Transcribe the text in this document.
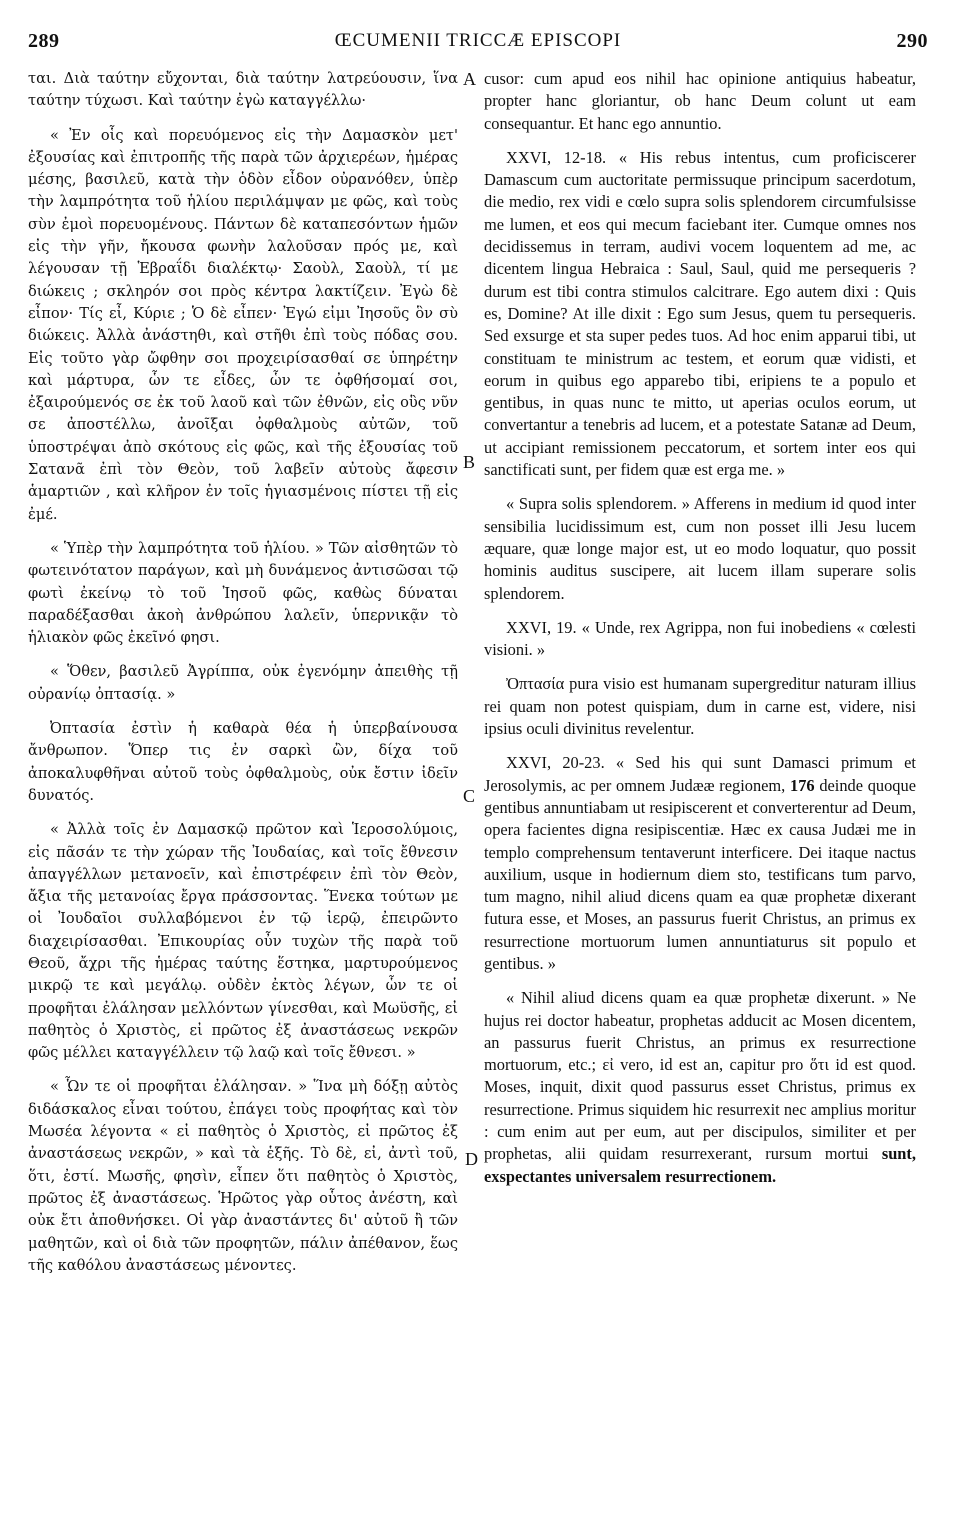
289	ŒCUMENII TRICCÆ EPISCOPI	290

ται. Διὰ ταύτην εὔχονται, διὰ ταύτην λατρεύουσιν, ἵνα ταύτην τύχωσι. Καὶ ταύτην ἐγὼ καταγγέλλω·

« Ἐν οἷς καὶ πορευόμενος εἰς τὴν Δαμασκὸν μετ' ἐξουσίας καὶ ἐπιτροπῆς τῆς παρὰ τῶν ἀρχιερέων, ἡμέρας μέσης, βασιλεῦ, κατὰ τὴν ὁδὸν εἶδον οὐρανόθεν, ὑπὲρ τὴν λαμπρότητα τοῦ ἡλίου περιλάμψαν με φῶς, καὶ τοὺς σὺν ἐμοὶ πορευομένους. Πάντων δὲ καταπεσόντων ἡμῶν εἰς τὴν γῆν, ἤκουσα φωνὴν λαλοῦσαν πρός με, καὶ λέγουσαν τῇ Ἑβραΐδι διαλέκτῳ· Σαοὺλ, Σαοὺλ, τί με διώκεις ; σκληρόν σοι πρὸς κέντρα λακτίζειν. Ἐγὼ δὲ εἶπον· Τίς εἶ, Κύριε ; Ὁ δὲ εἶπεν· Ἐγώ εἰμι Ἰησοῦς ὃν σὺ διώκεις. Ἀλλὰ ἀνάστηθι, καὶ στῆθι ἐπὶ τοὺς πόδας σου. Εἰς τοῦτο γὰρ ὤφθην σοι προχειρίσασθαί σε ὑπηρέτην καὶ μάρτυρα, ὧν τε εἶδες, ὧν τε ὀφθήσομαί σοι, ἐξαιρούμενός σε ἐκ τοῦ λαοῦ καὶ τῶν ἐθνῶν, εἰς οὓς νῦν σε ἀποστέλλω, ἀνοῖξαι ὀφθαλμοὺς αὐτῶν, τοῦ ὑποστρέψαι ἀπὸ σκότους εἰς φῶς, καὶ τῆς ἐξουσίας τοῦ Σατανᾶ ἐπὶ τὸν Θεὸν, τοῦ λαβεῖν αὐτοὺς ἄφεσιν ἁμαρτιῶν , καὶ κλῆρον ἐν τοῖς ἡγιασμένοις πίστει τῇ εἰς ἐμέ.

« Ὑπὲρ τὴν λαμπρότητα τοῦ ἡλίου. » Τῶν αἰσθητῶν τὸ φωτεινότατον παράγων, καὶ μὴ δυνάμενος ἀντισῶσαι τῷ φωτὶ ἐκείνῳ τὸ τοῦ Ἰησοῦ φῶς, καθὼς δύναται παραδέξασθαι ἀκοὴ ἀνθρώπου λαλεῖν, ὑπερνικᾷν τὸ ἡλιακὸν φῶς ἐκεῖνό φησι.

« Ὅθεν, βασιλεῦ Ἀγρίππα, οὐκ ἐγενόμην ἀπειθὴς τῇ οὐρανίῳ ὀπτασίᾳ. »

Ὀπτασία ἐστὶν ἡ καθαρὰ θέα ἡ ὑπερβαίνουσα ἄνθρωπον. Ὅπερ τις ἐν σαρκὶ ὢν, δίχα τοῦ ἀποκαλυφθῆναι αὐτοῦ τοὺς ὀφθαλμοὺς, οὐκ ἔστιν ἰδεῖν δυνατός.

« Ἀλλὰ τοῖς ἐν Δαμασκῷ πρῶτον καὶ Ἱεροσολύμοις, εἰς πᾶσάν τε τὴν χώραν τῆς Ἰουδαίας, καὶ τοῖς ἔθνεσιν ἀπαγγέλλων μετανοεῖν, καὶ ἐπιστρέφειν ἐπὶ τὸν Θεὸν, ἄξια τῆς μετανοίας ἔργα πράσσοντας. Ἕνεκα τούτων με οἱ Ἰουδαῖοι συλλαβόμενοι ἐν τῷ ἱερῷ, ἐπειρῶντο διαχειρίσασθαι. Ἐπικουρίας οὖν τυχὼν τῆς παρὰ τοῦ Θεοῦ, ἄχρι τῆς ἡμέρας ταύτης ἕστηκα, μαρτυρούμενος μικρῷ τε καὶ μεγάλῳ. οὐδὲν ἐκτὸς λέγων, ὧν τε οἱ προφῆται ἐλάλησαν μελλόντων γίνεσθαι, καὶ Μωϋσῆς, εἰ παθητὸς ὁ Χριστὸς, εἰ πρῶτος ἐξ ἀναστάσεως νεκρῶν φῶς μέλλει καταγγέλλειν τῷ λαῷ καὶ τοῖς ἔθνεσι. »

« Ὧν τε οἱ προφῆται ἐλάλησαν. » Ἵνα μὴ δόξῃ αὐτὸς διδάσκαλος εἶναι τούτου, ἐπάγει τοὺς προφήτας καὶ τὸν Μωσέα λέγοντα « εἰ παθητὸς ὁ Χριστὸς, εἰ πρῶτος ἐξ ἀναστάσεως νεκρῶν, » καὶ τὰ ἑξῆς. Τὸ δὲ, εἰ, ἀντὶ τοῦ, ὅτι, ἐστί. Μωσῆς, φησὶν, εἶπεν ὅτι παθητὸς ὁ Χριστὸς, πρῶτος ἐξ ἀναστάσεως. Ἡρῶτος γὰρ οὗτος ἀνέστη, καὶ οὐκ ἔτι ἀποθνήσκει. Οἱ γὰρ ἀναστάντες δι' αὐτοῦ ἢ τῶν μαθητῶν, καὶ οἱ διὰ τῶν προφητῶν, πάλιν ἀπέθανον, ἕως τῆς καθόλου ἀναστάσεως μένοντες.

A
B
C
D

cusor: cum apud eos nihil hac opinione antiquius habeatur, propter hanc gloriantur, ob hanc Deum colunt ut eam consequantur. Et hanc ego annuntio.

XXVI, 12-18. « His rebus intentus, cum proficiscerer Damascum cum auctoritate permissuque principum sacerdotum, die medio, rex vidi e cœlo supra solis splendorem circumfulsisse me lumen, et eos qui mecum faciebant iter. Cumque omnes nos decidissemus in terram, audivi vocem loquentem ad me, ac dicentem lingua Hebraica : Saul, Saul, quid me persequeris ? durum est tibi contra stimulos calcitrare. Ego autem dixi : Quis es, Domine? At ille dixit : Ego sum Jesus, quem tu persequeris. Sed exsurge et sta super pedes tuos. Ad hoc enim apparui tibi, ut constituam te ministrum ac testem, et eorum quæ vidisti, et eorum in quibus ego apparebo tibi, eripiens te a populo et gentibus, in quas nunc te mitto, ut aperias oculos eorum, ut convertantur a tenebris ad lucem, et a potestate Satanæ ad Deum, ut accipiant remissionem peccatorum, et sortem inter eos qui sanctificati sunt, per fidem quæ est erga me. »

« Supra solis splendorem. » Afferens in medium id quod inter sensibilia lucidissimum est, cum non posset illi Jesu lucem æquare, quæ longe major est, ut eo modo loquatur, quo possit hominis auditus suscipere, ait lucem illam superare solis splendorem.

XXVI, 19. « Unde, rex Agrippa, non fui inobediens « cœlesti visioni. »

Ὀπτασία pura visio est humanam supergreditur naturam illius rei quam non potest quispiam, dum in carne est, videre, nisi ipsius oculi divinitus revelentur.

XXVI, 20-23. « Sed his qui sunt Damasci primum et Jerosolymis, ac per omnem Judææ regionem, 176 deinde quoque gentibus annuntiabam ut resipiscerent et converterentur ad Deum, opera facientes digna resipiscentiæ. Hæc ex causa Judæi me in templo comprehensum tentaverunt interficere. Dei itaque nactus auxilium, usque in hodiernum diem sto, testificans tum parvo, tum magno, nihil aliud dicens quam ea quæ prophetæ dixerant futura esse, et Moses, an passurus fuerit Christus, an primus ex resurrectione mortuorum lumen annuntiaturus sit populo et gentibus. »

« Nihil aliud dicens quam ea quæ prophetæ dixerunt. » Ne hujus rei doctor habeatur, prophetas adducit ac Mosen dicentem, an passurus fuerit Christus, an primus ex resurrectione mortuorum, etc.; εἰ vero, id est an, capitur pro ὅτι id est quod. Moses, inquit, dixit quod passurus esset Christus, primus ex resurrectione. Primus siquidem hic resurrexit nec amplius moritur : cum enim aut per eum, aut per discipulos, similiter et per prophetas, alii quidam resurrexerant, rursum mortui sunt, exspectantes universalem resurrectionem.
